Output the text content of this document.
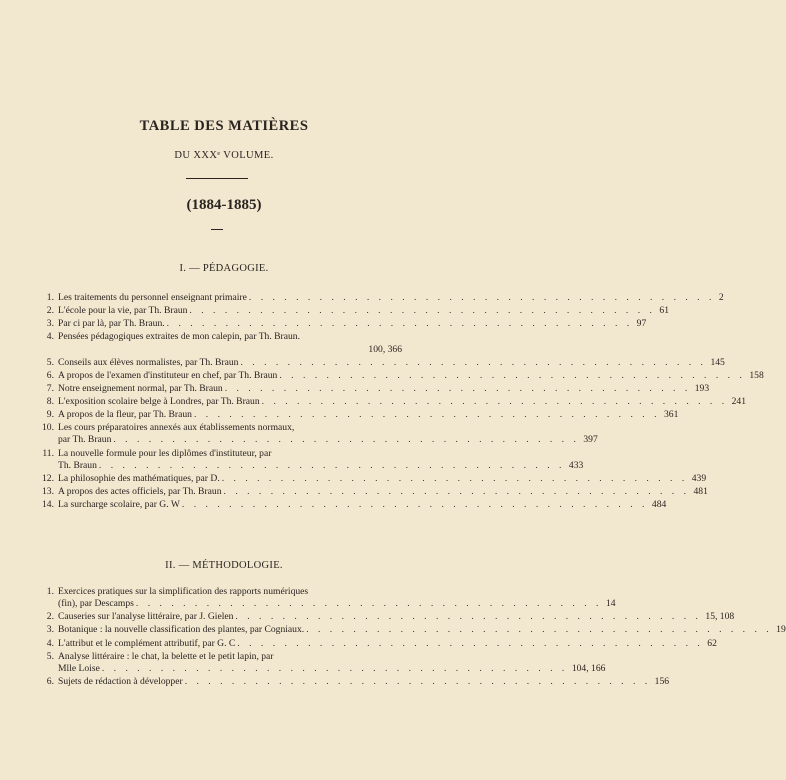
TABLE DES MATIÈRES
DU XXXᵉ VOLUME.
(1884-1885)
I. — PÉDAGOGIE.
1. Les traitements du personnel enseignant primaire . . . . . . . . . . . . . . . . . . . . . . . . . . . . . . . . . . . . . . . . 2
2. L'école pour la vie, par Th. Braun . . . . . . . . . . . . . . . . . . . . . . . . . . . . . . . . . . . . . . . . 61
3. Par ci par là, par Th. Braun. . . . . . . . . . . . . . . . . . . . . . . . . . . . . . . . . . . . . . . . . 97
4. Pensées pédagogiques extraites de mon calepin, par Th. Braun.
100, 366
5. Conseils aux élèves normalistes, par Th. Braun . . . . . . . . . . . . . . . . . . . . . . . . . . . . . . . . . . . . . . . . 145
6. A propos de l'examen d'instituteur en chef, par Th. Braun . . . . . . . . . . . . . . . . . . . . . . . . . . . . . . . . . . . . . . . . 158
7. Notre enseignement normal, par Th. Braun . . . . . . . . . . . . . . . . . . . . . . . . . . . . . . . . . . . . . . . . 193
8. L'exposition scolaire belge à Londres, par Th. Braun . . . . . . . . . . . . . . . . . . . . . . . . . . . . . . . . . . . . . . . . 241
9. A propos de la fleur, par Th. Braun . . . . . . . . . . . . . . . . . . . . . . . . . . . . . . . . . . . . . . . . 361
10. Les cours préparatoires annexés aux établissements normaux,
par Th. Braun . . . . . . . . . . . . . . . . . . . . . . . . . . . . . . . . . . . . . . . . 397
11. La nouvelle formule pour les diplômes d'instituteur, par
Th. Braun . . . . . . . . . . . . . . . . . . . . . . . . . . . . . . . . . . . . . . . . 433
12. La philosophie des mathématiques, par D. . . . . . . . . . . . . . . . . . . . . . . . . . . . . . . . . . . . . . . . . 439
13. A propos des actes officiels, par Th. Braun . . . . . . . . . . . . . . . . . . . . . . . . . . . . . . . . . . . . . . . . 481
14. La surcharge scolaire, par G. W . . . . . . . . . . . . . . . . . . . . . . . . . . . . . . . . . . . . . . . . 484
II. — MÉTHODOLOGIE.
1. Exercices pratiques sur la simplification des rapports numériques
(fin), par Descamps . . . . . . . . . . . . . . . . . . . . . . . . . . . . . . . . . . . . . . . . 14
2. Causeries sur l'analyse littéraire, par J. Gielen . . . . . . . . . . . . . . . . . . . . . . . . . . . . . . . . . . . . . . . . 15, 108
3. Botanique : la nouvelle classification des plantes, par Cogniaux. . . . . . . . . . . . . . . . . . . . . . . . . . . . . . . . . . . . . . . . . 19
4. L'attribut et le complément attributif, par G. C . . . . . . . . . . . . . . . . . . . . . . . . . . . . . . . . . . . . . . . . 62
5. Analyse littéraire : le chat, la belette et le petit lapin, par
Mlle Loise . . . . . . . . . . . . . . . . . . . . . . . . . . . . . . . . . . . . . . . . 104, 166
6. Sujets de rédaction à développer . . . . . . . . . . . . . . . . . . . . . . . . . . . . . . . . . . . . . . . . 156
